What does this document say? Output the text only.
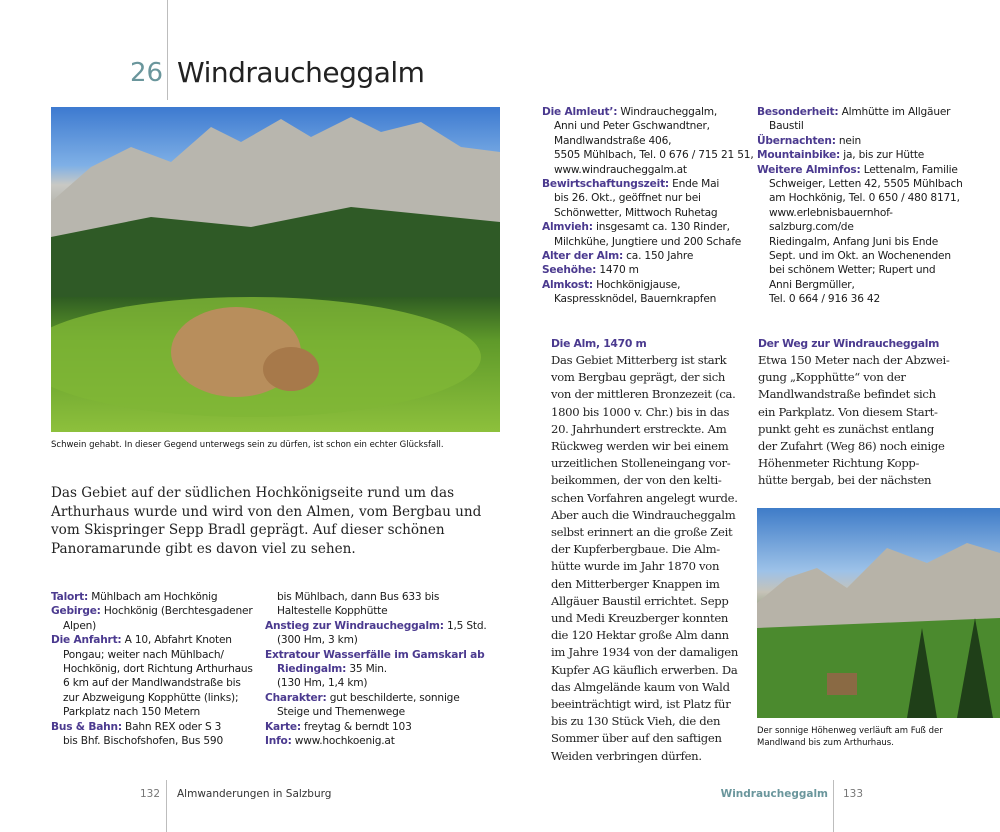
26 Windraucheggalm
Schwein gehabt. In dieser Gegend unterwegs sein zu dürfen, ist schon ein echter Glücksfall.
Das Gebiet auf der südlichen Hochkönigseite rund um das
Arthurhaus wurde und wird von den Almen, vom Bergbau und
vom Skispringer Sepp Bradl geprägt. Auf dieser schönen
Panoramarunde gibt es davon viel zu sehen.
Talort: Mühlbach am Hochkönig
Gebirge: Hochkönig (Berchtesgadener
Alpen)
Die Anfahrt: A 10, Abfahrt Knoten
Pongau; weiter nach Mühlbach/
Hochkönig, dort Richtung Arthurhaus
6 km auf der Mandlwandstraße bis
zur Abzweigung Kopphütte (links);
Parkplatz nach 150 Metern
Bus & Bahn: Bahn REX oder S 3
bis Bhf. Bischofshofen, Bus 590
bis Mühlbach, dann Bus 633 bis
Haltestelle Kopphütte
Anstieg zur Windraucheggalm: 1,5 Std.
(300 Hm, 3 km)
Extratour Wasserfälle im Gamskarl ab
Riedingalm: 35 Min.
(130 Hm, 1,4 km)
Charakter: gut beschilderte, sonnige
Steige und Themenwege
Karte: freytag & berndt 103
Info: www.hochkoenig.at
Die Almleut’: Windraucheggalm,
Anni und Peter Gschwandtner,
Mandlwandstraße 406,
5505 Mühlbach, Tel. 0 676 / 715 21 51,
www.windraucheggalm.at
Bewirtschaftungszeit: Ende Mai
bis 26. Okt., geöffnet nur bei
Schönwetter, Mittwoch Ruhetag
Almvieh: insgesamt ca. 130 Rinder,
Milchkühe, Jungtiere und 200 Schafe
Alter der Alm: ca. 150 Jahre
Seehöhe: 1470 m
Almkost: Hochkönigjause,
Kaspressknödel, Bauernkrapfen
Besonderheit: Almhütte im Allgäuer
Baustil
Übernachten: nein
Mountainbike: ja, bis zur Hütte
Weitere Alminfos: Lettenalm, Familie
Schweiger, Letten 42, 5505 Mühlbach
am Hochkönig, Tel. 0 650 / 480 8171,
www.erlebnisbauernhof-
salzburg.com/de
Riedingalm, Anfang Juni bis Ende
Sept. und im Okt. an Wochenenden
bei schönem Wetter; Rupert und
Anni Bergmüller,
Tel. 0 664 / 916 36 42
Die Alm, 1470 m
Das Gebiet Mitterberg ist stark
vom Bergbau geprägt, der sich
von der mittleren Bronzezeit (ca.
1800 bis 1000 v. Chr.) bis in das
20. Jahrhundert erstreckte. Am
Rückweg werden wir bei einem
urzeitlichen Stolleneingang vor-
beikommen, der von den kelti-
schen Vorfahren angelegt wurde.
Aber auch die Windraucheggalm
selbst erinnert an die große Zeit
der Kupferbergbaue. Die Alm-
hütte wurde im Jahr 1870 von
den Mitterberger Knappen im
Allgäuer Baustil errichtet. Sepp
und Medi Kreuzberger konnten
die 120 Hektar große Alm dann
im Jahre 1934 von der damaligen
Kupfer AG käuflich erwerben. Da
das Almgelände kaum von Wald
beeinträchtigt wird, ist Platz für
bis zu 130 Stück Vieh, die den
Sommer über auf den saftigen
Weiden verbringen dürfen.
Der Weg zur Windraucheggalm
Etwa 150 Meter nach der Abzwei-
gung „Kopphütte“ von der
Mandlwandstraße befindet sich
ein Parkplatz. Von diesem Start-
punkt geht es zunächst entlang
der Zufahrt (Weg 86) noch einige
Höhenmeter Richtung Kopp-
hütte bergab, bei der nächsten
Der sonnige Höhenweg verläuft am Fuß der
Mandlwand bis zum Arthurhaus.
132 Almwanderungen in Salzburg	Windraucheggalm 133
